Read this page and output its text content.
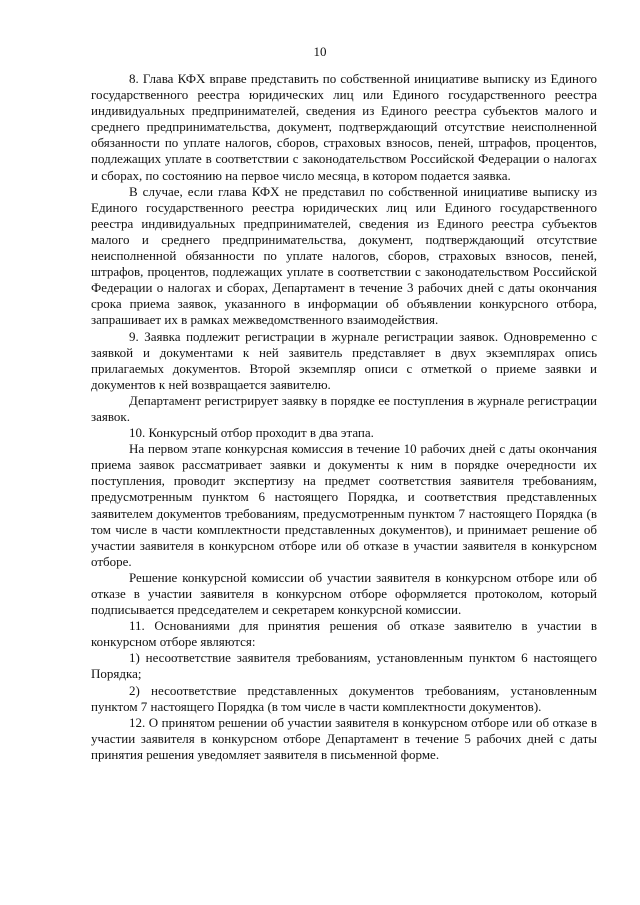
10

8. Глава КФХ вправе представить по собственной инициативе выписку из Единого государственного реестра юридических лиц или Единого государственного реестра индивидуальных предпринимателей, сведения из Единого реестра субъектов малого и среднего предпринимательства, документ, подтверждающий отсутствие неисполненной обязанности по уплате налогов, сборов, страховых взносов, пеней, штрафов, процентов, подлежащих уплате в соответствии с законодательством Российской Федерации о налогах и сборах, по состоянию на первое число месяца, в котором подается заявка.

В случае, если глава КФХ не представил по собственной инициативе выписку из Единого государственного реестра юридических лиц или Единого государственного реестра индивидуальных предпринимателей, сведения из Единого реестра субъектов малого и среднего предпринимательства, документ, подтверждающий отсутствие неисполненной обязанности по уплате налогов, сборов, страховых взносов, пеней, штрафов, процентов, подлежащих уплате в соответствии с законодательством Российской Федерации о налогах и сборах, Департамент в течение 3 рабочих дней с даты окончания срока приема заявок, указанного в информации об объявлении конкурсного отбора, запрашивает их в рамках межведомственного взаимодействия.

9. Заявка подлежит регистрации в журнале регистрации заявок. Одновременно с заявкой и документами к ней заявитель представляет в двух экземплярах опись прилагаемых документов. Второй экземпляр описи с отметкой о приеме заявки и документов к ней возвращается заявителю.

Департамент регистрирует заявку в порядке ее поступления в журнале регистрации заявок.

10. Конкурсный отбор проходит в два этапа.

На первом этапе конкурсная комиссия в течение 10 рабочих дней с даты окончания приема заявок рассматривает заявки и документы к ним в порядке очередности их поступления, проводит экспертизу на предмет соответствия заявителя требованиям, предусмотренным пунктом 6 настоящего Порядка, и соответствия представленных заявителем документов требованиям, предусмотренным пунктом 7 настоящего Порядка (в том числе в части комплектности представленных документов), и принимает решение об участии заявителя в конкурсном отборе или об отказе в участии заявителя в конкурсном отборе.

Решение конкурсной комиссии об участии заявителя в конкурсном отборе или об отказе в участии заявителя в конкурсном отборе оформляется протоколом, который подписывается председателем и секретарем конкурсной комиссии.

11. Основаниями для принятия решения об отказе заявителю в участии в конкурсном отборе являются:

1) несоответствие заявителя требованиям, установленным пунктом 6 настоящего Порядка;

2) несоответствие представленных документов требованиям, установленным пунктом 7 настоящего Порядка (в том числе в части комплектности документов).

12. О принятом решении об участии заявителя в конкурсном отборе или об отказе в участии заявителя в конкурсном отборе Департамент в течение 5 рабочих дней с даты принятия решения уведомляет заявителя в письменной форме.
